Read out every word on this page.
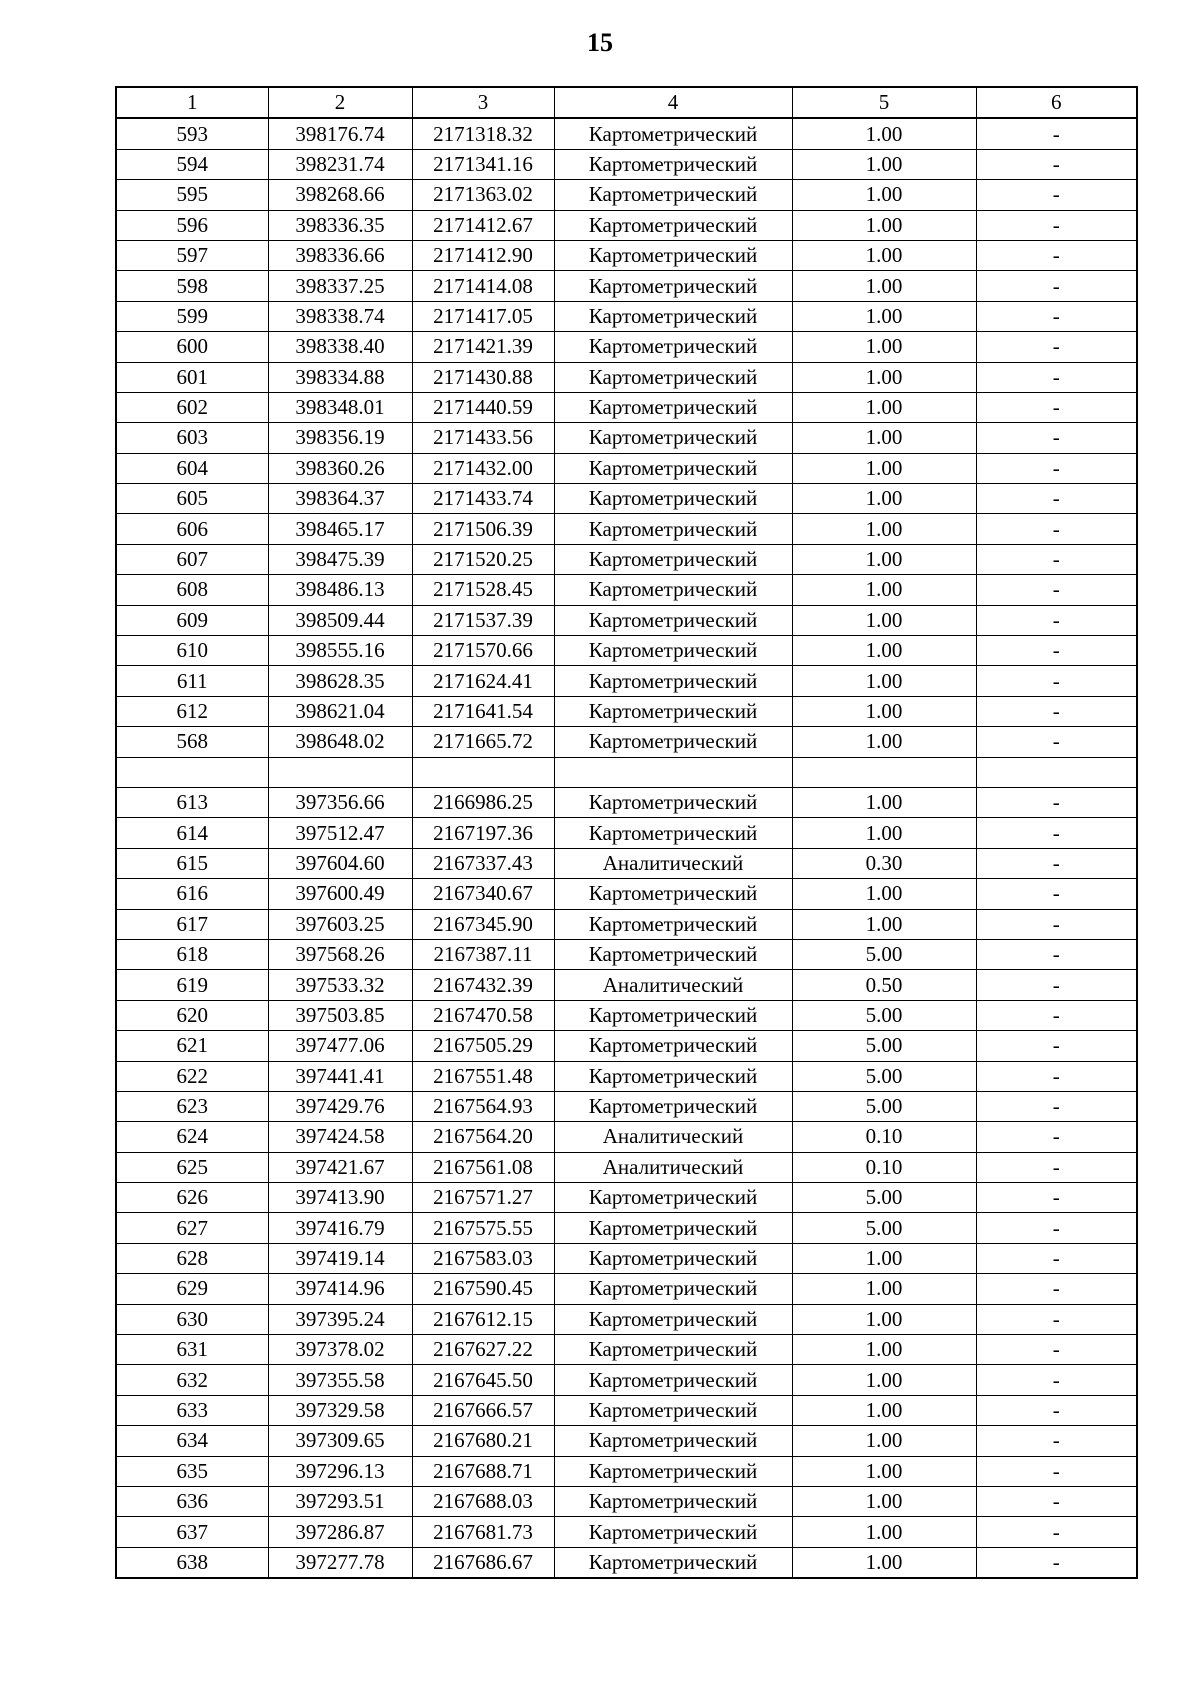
15
1	2	3	4	5	6
593	398176.74	2171318.32	Картометрический	1.00	-
594	398231.74	2171341.16	Картометрический	1.00	-
595	398268.66	2171363.02	Картометрический	1.00	-
596	398336.35	2171412.67	Картометрический	1.00	-
597	398336.66	2171412.90	Картометрический	1.00	-
598	398337.25	2171414.08	Картометрический	1.00	-
599	398338.74	2171417.05	Картометрический	1.00	-
600	398338.40	2171421.39	Картометрический	1.00	-
601	398334.88	2171430.88	Картометрический	1.00	-
602	398348.01	2171440.59	Картометрический	1.00	-
603	398356.19	2171433.56	Картометрический	1.00	-
604	398360.26	2171432.00	Картометрический	1.00	-
605	398364.37	2171433.74	Картометрический	1.00	-
606	398465.17	2171506.39	Картометрический	1.00	-
607	398475.39	2171520.25	Картометрический	1.00	-
608	398486.13	2171528.45	Картометрический	1.00	-
609	398509.44	2171537.39	Картометрический	1.00	-
610	398555.16	2171570.66	Картометрический	1.00	-
611	398628.35	2171624.41	Картометрический	1.00	-
612	398621.04	2171641.54	Картометрический	1.00	-
568	398648.02	2171665.72	Картометрический	1.00	-

613	397356.66	2166986.25	Картометрический	1.00	-
614	397512.47	2167197.36	Картометрический	1.00	-
615	397604.60	2167337.43	Аналитический	0.30	-
616	397600.49	2167340.67	Картометрический	1.00	-
617	397603.25	2167345.90	Картометрический	1.00	-
618	397568.26	2167387.11	Картометрический	5.00	-
619	397533.32	2167432.39	Аналитический	0.50	-
620	397503.85	2167470.58	Картометрический	5.00	-
621	397477.06	2167505.29	Картометрический	5.00	-
622	397441.41	2167551.48	Картометрический	5.00	-
623	397429.76	2167564.93	Картометрический	5.00	-
624	397424.58	2167564.20	Аналитический	0.10	-
625	397421.67	2167561.08	Аналитический	0.10	-
626	397413.90	2167571.27	Картометрический	5.00	-
627	397416.79	2167575.55	Картометрический	5.00	-
628	397419.14	2167583.03	Картометрический	1.00	-
629	397414.96	2167590.45	Картометрический	1.00	-
630	397395.24	2167612.15	Картометрический	1.00	-
631	397378.02	2167627.22	Картометрический	1.00	-
632	397355.58	2167645.50	Картометрический	1.00	-
633	397329.58	2167666.57	Картометрический	1.00	-
634	397309.65	2167680.21	Картометрический	1.00	-
635	397296.13	2167688.71	Картометрический	1.00	-
636	397293.51	2167688.03	Картометрический	1.00	-
637	397286.87	2167681.73	Картометрический	1.00	-
638	397277.78	2167686.67	Картометрический	1.00	-
